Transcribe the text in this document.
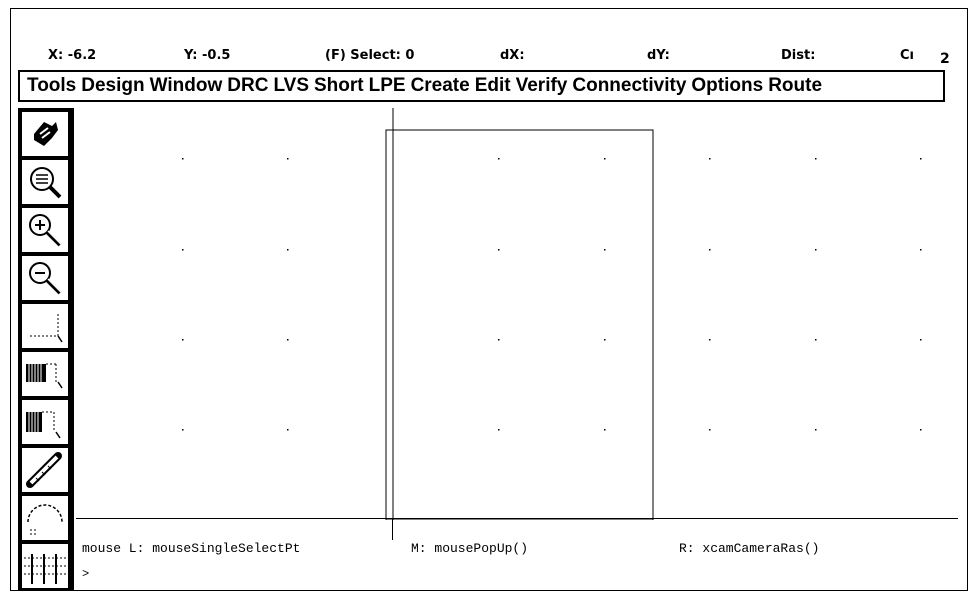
X: -6.2	Y: -0.5	(F) Select: 0	dX:	dY:	Dist:	Cı 2
Tools Design Window DRC LVS Short LPE Create Edit Verify Connectivity Options Route
mouse L: mouseSingleSelectPt	M: mousePopUp()	R: xcamCameraRas()
>
